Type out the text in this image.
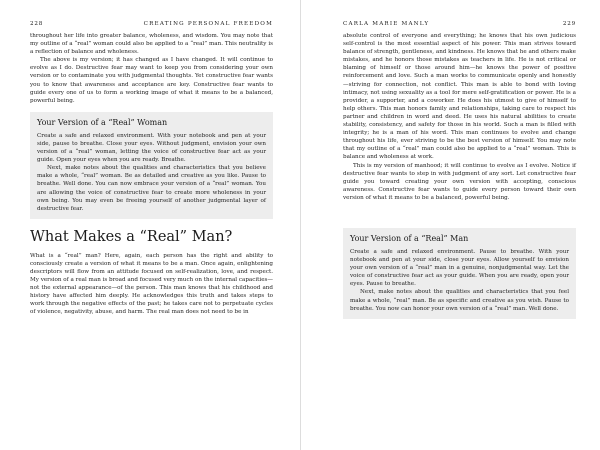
228	CREATING PERSONAL FREEDOM

throughout her life into greater balance, wholeness, and wisdom. You may note that my outline of a “real” woman could also be applied to a “real” man. This neutrality is a reflection of balance and wholeness.

The above is my version; it has changed as I have changed. It will continue to evolve as I do. Destructive fear may want to keep you from considering your own version or to contaminate you with judgmental thoughts. Yet constructive fear wants you to know that awareness and acceptance are key. Constructive fear wants to guide every one of us to form a working image of what it means to be a balanced, powerful being.

Your Version of a “Real” Woman

Create a safe and relaxed environment. With your notebook and pen at your side, pause to breathe. Close your eyes. Without judgment, envision your own version of a “real” woman, letting the voice of constructive fear act as your guide. Open your eyes when you are ready. Breathe.

Next, make notes about the qualities and characteristics that you believe make a whole, “real” woman. Be as detailed and creative as you like. Pause to breathe. Well done. You can now embrace your version of a “real” woman. You are allowing the voice of constructive fear to create more wholeness in your own being. You may even be freeing yourself of another judgmental layer of destructive fear.

What Makes a “Real” Man?

What is a “real” man? Here, again, each person has the right and ability to consciously create a version of what it means to be a man. Once again, enlightening descriptors will flow from an attitude focused on self-realization, love, and respect. My version of a real man is broad and focused very much on the internal capacities—not the external appearance—of the person. This man knows that his childhood and history have affected him deeply. He acknowledges this truth and takes steps to work through the negative effects of the past; he takes care not to perpetuate cycles of violence, negativity, abuse, and harm. The real man does not need to be in

CARLA MARIE MANLY	229

absolute control of everyone and everything; he knows that his own judicious self-control is the most essential aspect of his power. This man strives toward balance of strength, gentleness, and kindness. He knows that he and others make mistakes, and he honors those mistakes as teachers in life. He is not critical or blaming of himself or those around him—he knows the power of positive reinforcement and love. Such a man works to communicate openly and honestly—striving for connection, not conflict. This man is able to bond with loving intimacy, not using sexuality as a tool for mere self-gratification or power. He is a provider, a supporter, and a coworker. He does his utmost to give of himself to help others. This man honors family and relationships, taking care to respect his partner and children in word and deed. He uses his natural abilities to create stability, consistency, and safety for those in his world. Such a man is filled with integrity; he is a man of his word. This man continues to evolve and change throughout his life, ever striving to be the best version of himself. You may note that my outline of a “real” man could also be applied to a “real” woman. This is balance and wholeness at work.

This is my version of manhood; it will continue to evolve as I evolve. Notice if destructive fear wants to step in with judgment of any sort. Let constructive fear guide you toward creating your own version with accepting, conscious awareness. Constructive fear wants to guide every person toward their own version of what it means to be a balanced, powerful being.

Your Version of a “Real” Man

Create a safe and relaxed environment. Pause to breathe. With your notebook and pen at your side, close your eyes. Allow yourself to envision your own version of a “real” man in a genuine, nonjudgmental way. Let the voice of constructive fear act as your guide. When you are ready, open your eyes. Pause to breathe.

Next, make notes about the qualities and characteristics that you feel make a whole, “real” man. Be as specific and creative as you wish. Pause to breathe. You now can honor your own version of a “real” man. Well done.
